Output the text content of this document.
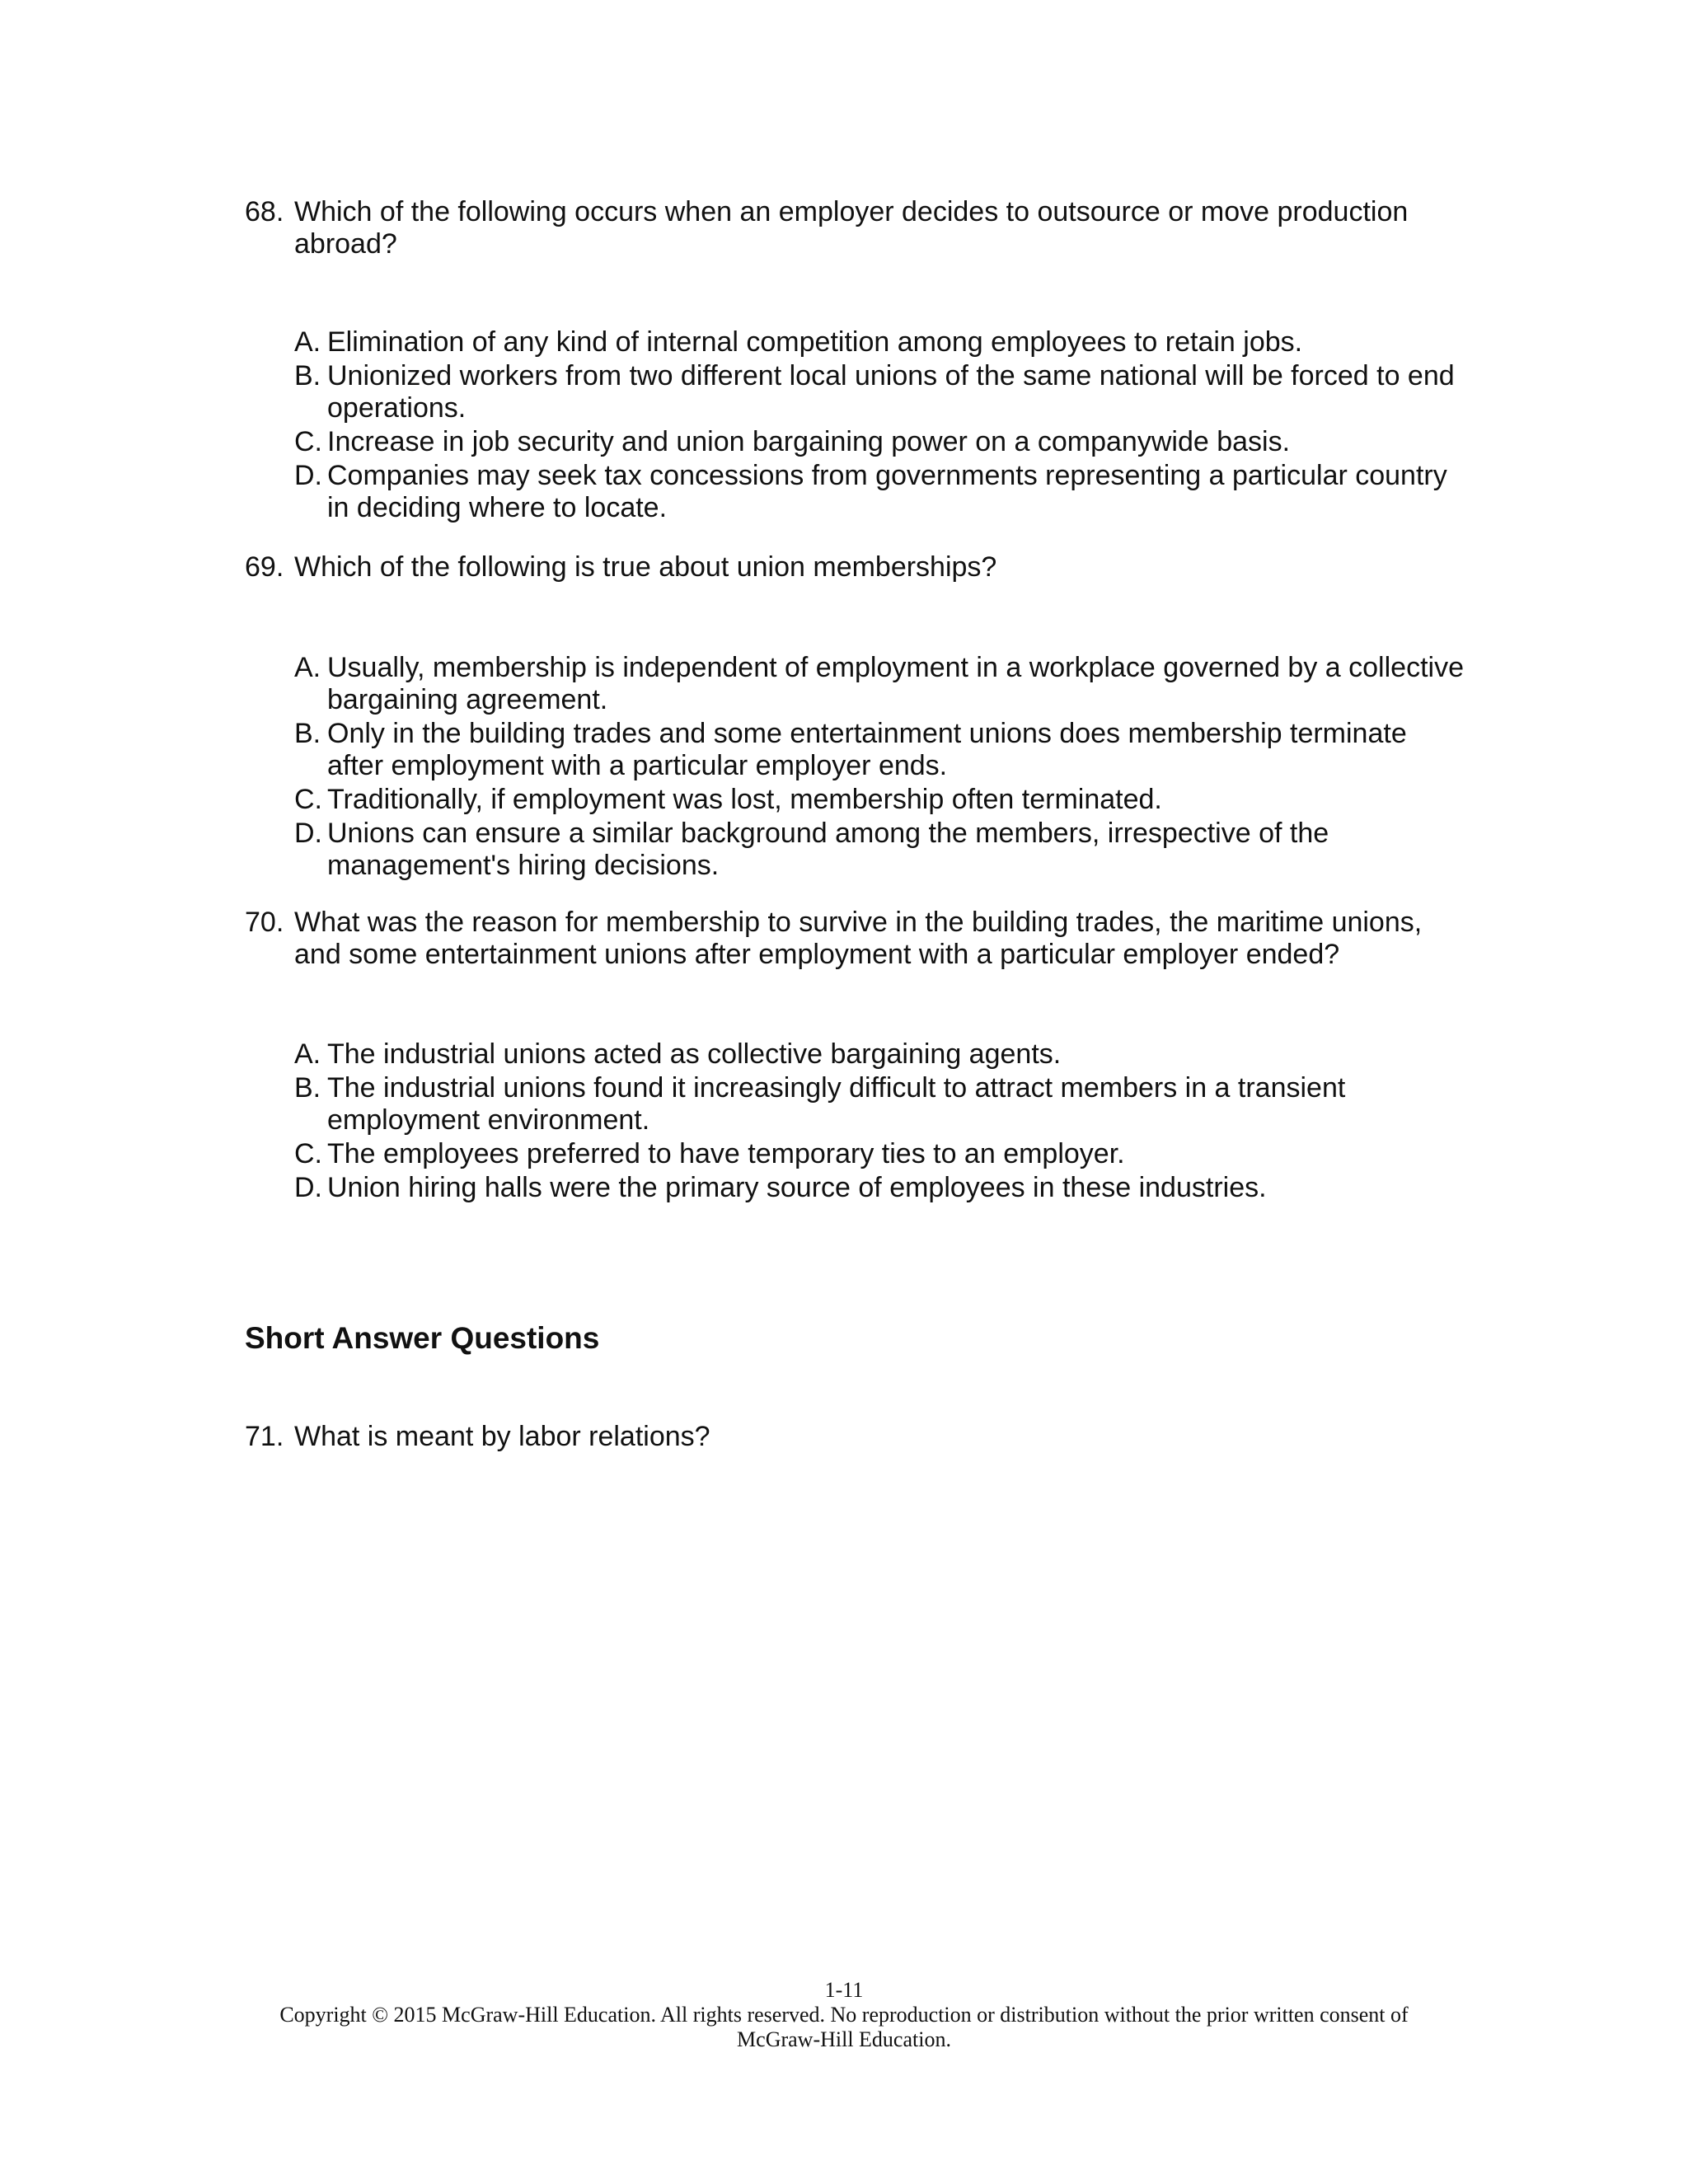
68. Which of the following occurs when an employer decides to outsource or move production abroad?
A. Elimination of any kind of internal competition among employees to retain jobs.
B. Unionized workers from two different local unions of the same national will be forced to end operations.
C. Increase in job security and union bargaining power on a companywide basis.
D. Companies may seek tax concessions from governments representing a particular country in deciding where to locate.
69. Which of the following is true about union memberships?
A. Usually, membership is independent of employment in a workplace governed by a collective bargaining agreement.
B. Only in the building trades and some entertainment unions does membership terminate after employment with a particular employer ends.
C. Traditionally, if employment was lost, membership often terminated.
D. Unions can ensure a similar background among the members, irrespective of the management's hiring decisions.
70. What was the reason for membership to survive in the building trades, the maritime unions, and some entertainment unions after employment with a particular employer ended?
A. The industrial unions acted as collective bargaining agents.
B. The industrial unions found it increasingly difficult to attract members in a transient employment environment.
C. The employees preferred to have temporary ties to an employer.
D. Union hiring halls were the primary source of employees in these industries.
Short Answer Questions
71. What is meant by labor relations?
1-11
Copyright © 2015 McGraw-Hill Education. All rights reserved. No reproduction or distribution without the prior written consent of
McGraw-Hill Education.
